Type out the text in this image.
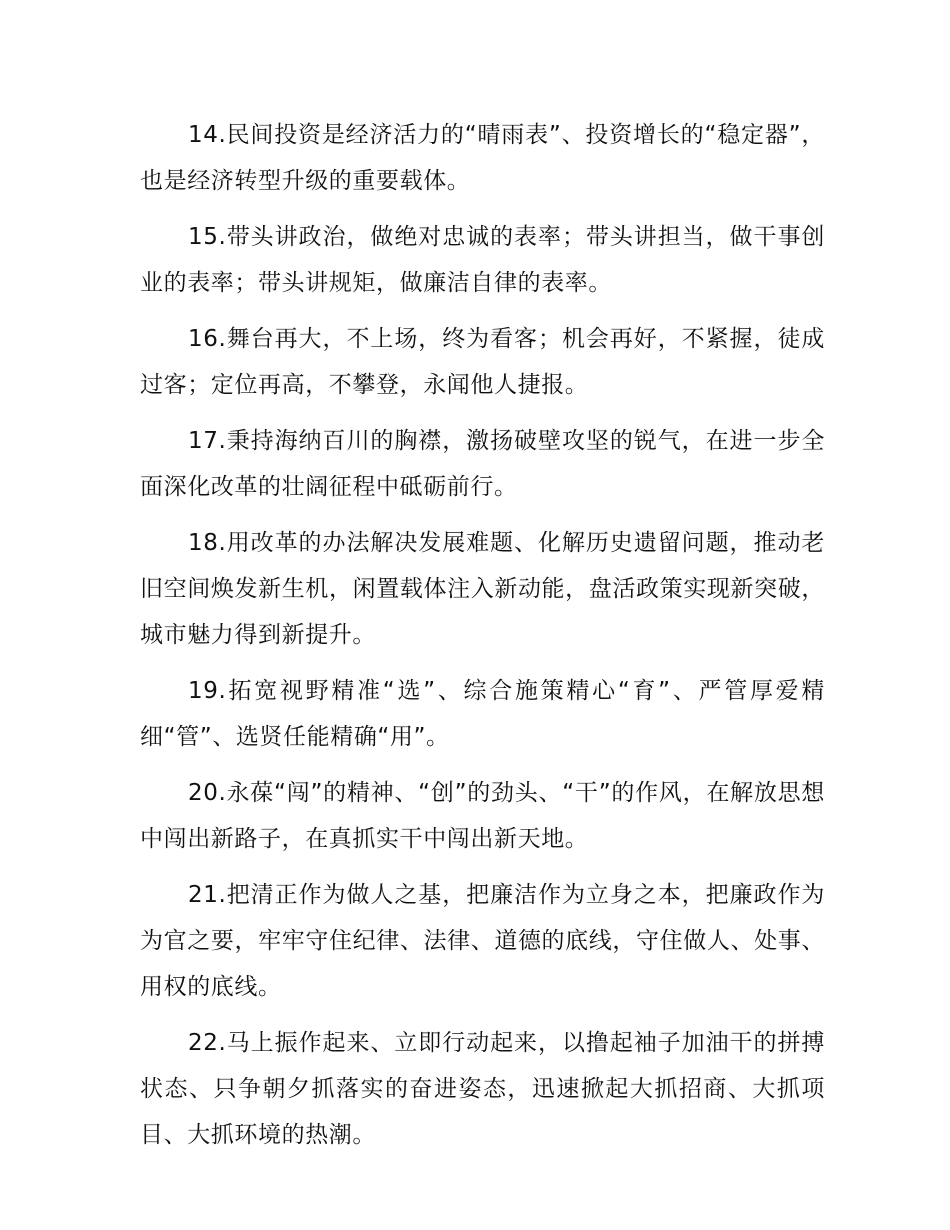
14.民间投资是经济活力的“晴雨表”、投资增长的“稳定器”，也是经济转型升级的重要载体。

15.带头讲政治，做绝对忠诚的表率；带头讲担当，做干事创业的表率；带头讲规矩，做廉洁自律的表率。

16.舞台再大，不上场，终为看客；机会再好，不紧握，徒成过客；定位再高，不攀登，永闻他人捷报。

17.秉持海纳百川的胸襟，激扬破壁攻坚的锐气，在进一步全面深化改革的壮阔征程中砥砺前行。

18.用改革的办法解决发展难题、化解历史遗留问题，推动老旧空间焕发新生机，闲置载体注入新动能，盘活政策实现新突破，城市魅力得到新提升。

19.拓宽视野精准“选”、综合施策精心“育”、严管厚爱精细“管”、选贤任能精确“用”。

20.永葆“闯”的精神、“创”的劲头、“干”的作风，在解放思想中闯出新路子，在真抓实干中闯出新天地。

21.把清正作为做人之基，把廉洁作为立身之本，把廉政作为为官之要，牢牢守住纪律、法律、道德的底线，守住做人、处事、用权的底线。

22.马上振作起来、立即行动起来，以撸起袖子加油干的拼搏状态、只争朝夕抓落实的奋进姿态，迅速掀起大抓招商、大抓项目、大抓环境的热潮。
